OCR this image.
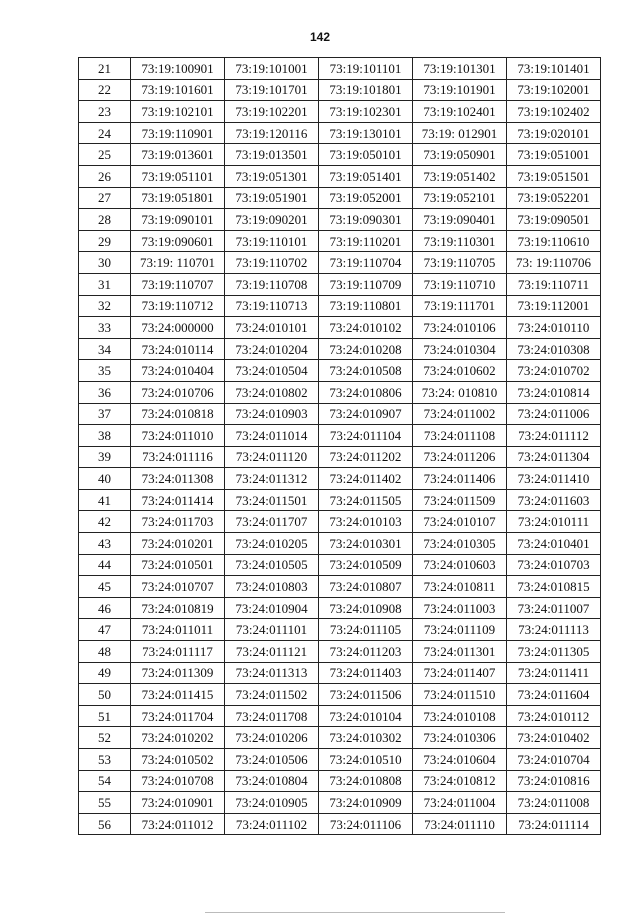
142
21	73:19:100901	73:19:101001	73:19:101101	73:19:101301	73:19:101401
22	73:19:101601	73:19:101701	73:19:101801	73:19:101901	73:19:102001
23	73:19:102101	73:19:102201	73:19:102301	73:19:102401	73:19:102402
24	73:19:110901	73:19:120116	73:19:130101	73:19: 012901	73:19:020101
25	73:19:013601	73:19:013501	73:19:050101	73:19:050901	73:19:051001
26	73:19:051101	73:19:051301	73:19:051401	73:19:051402	73:19:051501
27	73:19:051801	73:19:051901	73:19:052001	73:19:052101	73:19:052201
28	73:19:090101	73:19:090201	73:19:090301	73:19:090401	73:19:090501
29	73:19:090601	73:19:110101	73:19:110201	73:19:110301	73:19:110610
30	73:19: 110701	73:19:110702	73:19:110704	73:19:110705	73: 19:110706
31	73:19:110707	73:19:110708	73:19:110709	73:19:110710	73:19:110711
32	73:19:110712	73:19:110713	73:19:110801	73:19:111701	73:19:112001
33	73:24:000000	73:24:010101	73:24:010102	73:24:010106	73:24:010110
34	73:24:010114	73:24:010204	73:24:010208	73:24:010304	73:24:010308
35	73:24:010404	73:24:010504	73:24:010508	73:24:010602	73:24:010702
36	73:24:010706	73:24:010802	73:24:010806	73:24: 010810	73:24:010814
37	73:24:010818	73:24:010903	73:24:010907	73:24:011002	73:24:011006
38	73:24:011010	73:24:011014	73:24:011104	73:24:011108	73:24:011112
39	73:24:011116	73:24:011120	73:24:011202	73:24:011206	73:24:011304
40	73:24:011308	73:24:011312	73:24:011402	73:24:011406	73:24:011410
41	73:24:011414	73:24:011501	73:24:011505	73:24:011509	73:24:011603
42	73:24:011703	73:24:011707	73:24:010103	73:24:010107	73:24:010111
43	73:24:010201	73:24:010205	73:24:010301	73:24:010305	73:24:010401
44	73:24:010501	73:24:010505	73:24:010509	73:24:010603	73:24:010703
45	73:24:010707	73:24:010803	73:24:010807	73:24:010811	73:24:010815
46	73:24:010819	73:24:010904	73:24:010908	73:24:011003	73:24:011007
47	73:24:011011	73:24:011101	73:24:011105	73:24:011109	73:24:011113
48	73:24:011117	73:24:011121	73:24:011203	73:24:011301	73:24:011305
49	73:24:011309	73:24:011313	73:24:011403	73:24:011407	73:24:011411
50	73:24:011415	73:24:011502	73:24:011506	73:24:011510	73:24:011604
51	73:24:011704	73:24:011708	73:24:010104	73:24:010108	73:24:010112
52	73:24:010202	73:24:010206	73:24:010302	73:24:010306	73:24:010402
53	73:24:010502	73:24:010506	73:24:010510	73:24:010604	73:24:010704
54	73:24:010708	73:24:010804	73:24:010808	73:24:010812	73:24:010816
55	73:24:010901	73:24:010905	73:24:010909	73:24:011004	73:24:011008
56	73:24:011012	73:24:011102	73:24:011106	73:24:011110	73:24:011114
